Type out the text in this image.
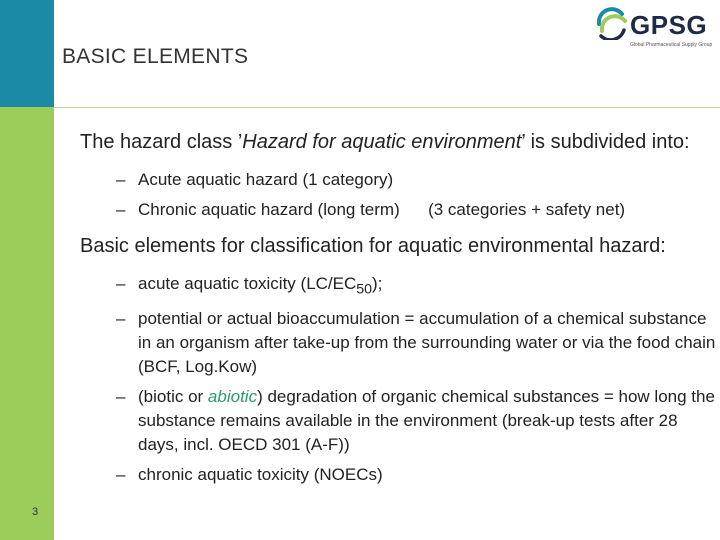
BASIC ELEMENTS
GPSG
Global Pharmaceutical Supply Group

The hazard class ’Hazard for aquatic environment’ is subdivided into:

– Acute aquatic hazard (1 category)

– Chronic aquatic hazard (long term)      (3 categories + safety net)

Basic elements for classification for aquatic environmental hazard:

– acute aquatic toxicity $(LC/EC_{50})$;

– potential or actual bioaccumulation = accumulation of a chemical substance in an organism after take-up from the surrounding water or via the food chain (BCF, Log.Kow)

– (biotic or abiotic) degradation of organic chemical substances = how long the substance remains available in the environment (break-up tests after 28 days, incl. OECD 301 (A-F))

– chronic aquatic toxicity (NOECs)

3
